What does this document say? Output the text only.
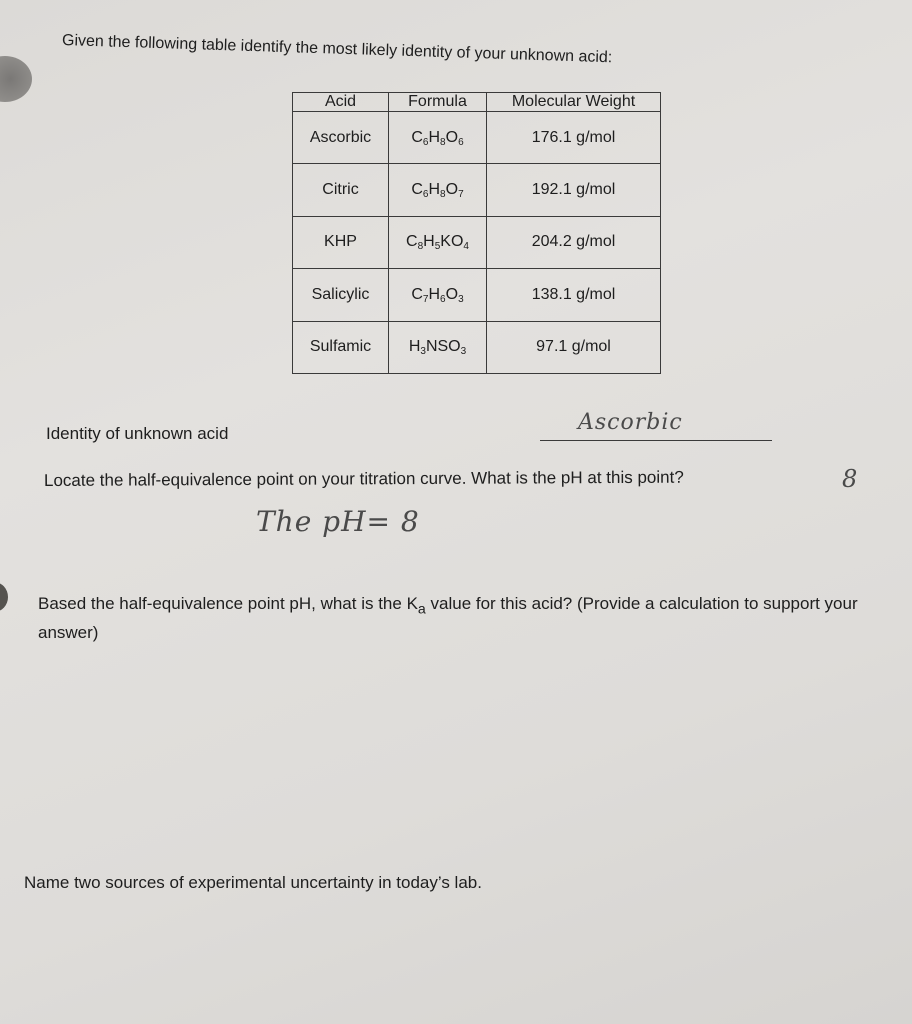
Given the following table identify the most likely identity of your unknown acid:
Acid	Formula	Molecular Weight
Ascorbic	$C_6H_8O_6$	176.1 g/mol
Citric	$C_6H_8O_7$	192.1 g/mol
KHP	$C_8H_5KO_4$	204.2 g/mol
Salicylic	$C_7H_6O_3$	138.1 g/mol
Sulfamic	$H_3NSO_3$	97.1 g/mol
Identity of unknown acid	Ascorbic
Locate the half-equivalence point on your titration curve. What is the pH at this point?	8
The pH= 8
Based the half-equivalence point pH, what is the $K_a$ value for this acid? (Provide a calculation to support your answer)
Name two sources of experimental uncertainty in today’s lab.
